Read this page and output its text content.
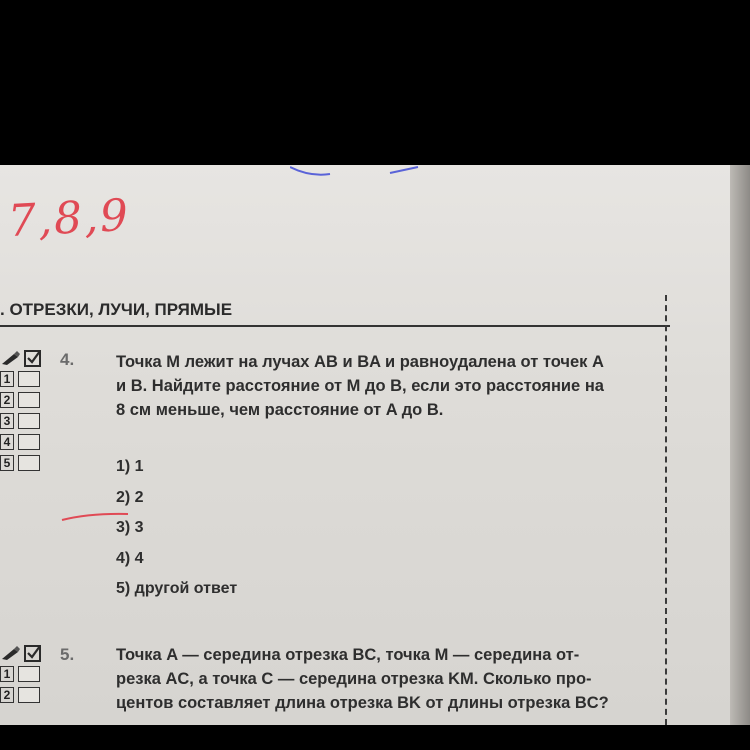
7,8,9
. ОТРЕЗКИ, ЛУЧИ, ПРЯМЫЕ
1
2
3
4
5
4.	Точка M лежит на лучах AB и BA и равноудалена от точек A
и B. Найдите расстояние от M до B, если это расстояние на
8 см меньше, чем расстояние от A до B.
1) 1
2) 2
3) 3
4) 4
5) другой ответ
1
2
5.	Точка A — середина отрезка BC, точка M — середина от-
резка AC, а точка C — середина отрезка KM. Сколько про-
центов составляет длина отрезка BK от длины отрезка BC?
